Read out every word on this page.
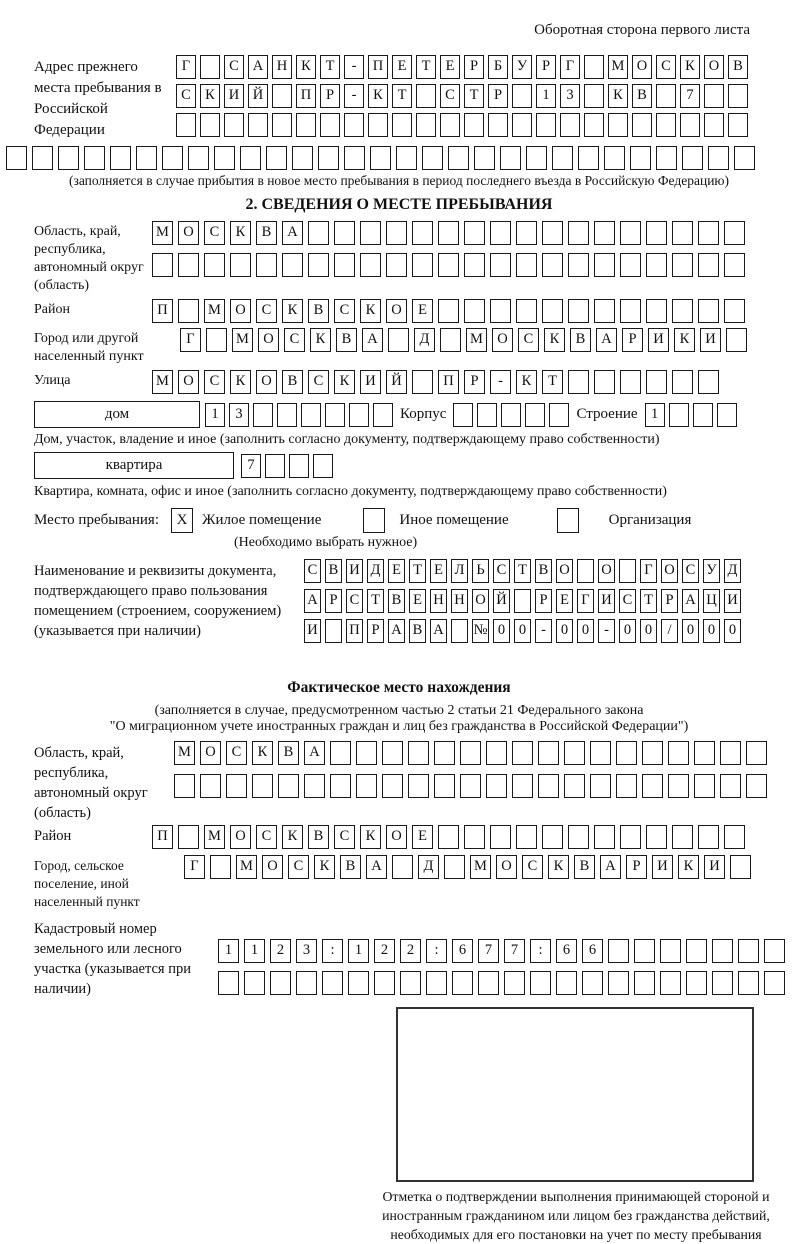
Оборотная сторона первого листа
Адрес прежнего места пребывания в Российской Федерации
Г	С А Н К	Т	-	П Е	Т	Е	Р	Б	У	Р	Г	М О С К О В
С К И Й	П	Р	-	К	Т	С	Т	Р	1	3	К В	7
(заполняется в случае прибытия в новое место пребывания в период последнего въезда в Российскую Федерацию)
2. СВЕДЕНИЯ О МЕСТЕ ПРЕБЫВАНИЯ
Область, край, республика, автономный округ (область)
М О	С	К	В	А
Район	П	М О	С	К	В	С	К	О	Е
Город или другой населенный пункт
Г	М О	С	К	В	А	Д	М О	С	К	В	А	Р	И	К	И
Улица	М О	С	К	О	В	С	К	И	Й	П	Р	-	К	Т
дом	1	3	Корпус	Строение 1
Дом, участок, владение и иное (заполнить согласно документу, подтверждающему право собственности)
квартира	7
Квартира, комната, офис и иное (заполнить согласно документу, подтверждающему право собственности)
Место пребывания:	X Жилое помещение	Иное помещение	Организация
(Необходимо выбрать нужное)
Наименование и реквизиты документа, подтверждающего право пользования помещением (строением, сооружением) (указывается при наличии)
С В И Д Е Т Е Л Ь С Т В О О Г О С У Д
А Р С Т В Е Н Н О Й	Р Е Г И С Т Р А Ц И
И П Р А В А № 0 0	-	0 0	-	0 0	/	0 0 0
Фактическое место нахождения
(заполняется в случае, предусмотренном частью 2 статьи 21 Федерального закона
"О миграционном учете иностранных граждан и лиц без гражданства в Российской Федерации")
Область, край, республика, автономный округ (область)
М О	С	К	В	А
Район	П	М О	С	К	В	С	К	О	Е
Город, сельское поселение, иной населенный пункт
Г	М О	С	К	В	А	Д	М О	С	К	В	А	Р	И	К	И
Кадастровый номер земельного или лесного участка (указывается при наличии)
1	1	2	3	:	1	2	2	:	6	7	7	:	6	6
Отметка о подтверждении выполнения принимающей стороной и иностранным гражданином или лицом без гражданства действий, необходимых для его постановки на учет по месту пребывания
